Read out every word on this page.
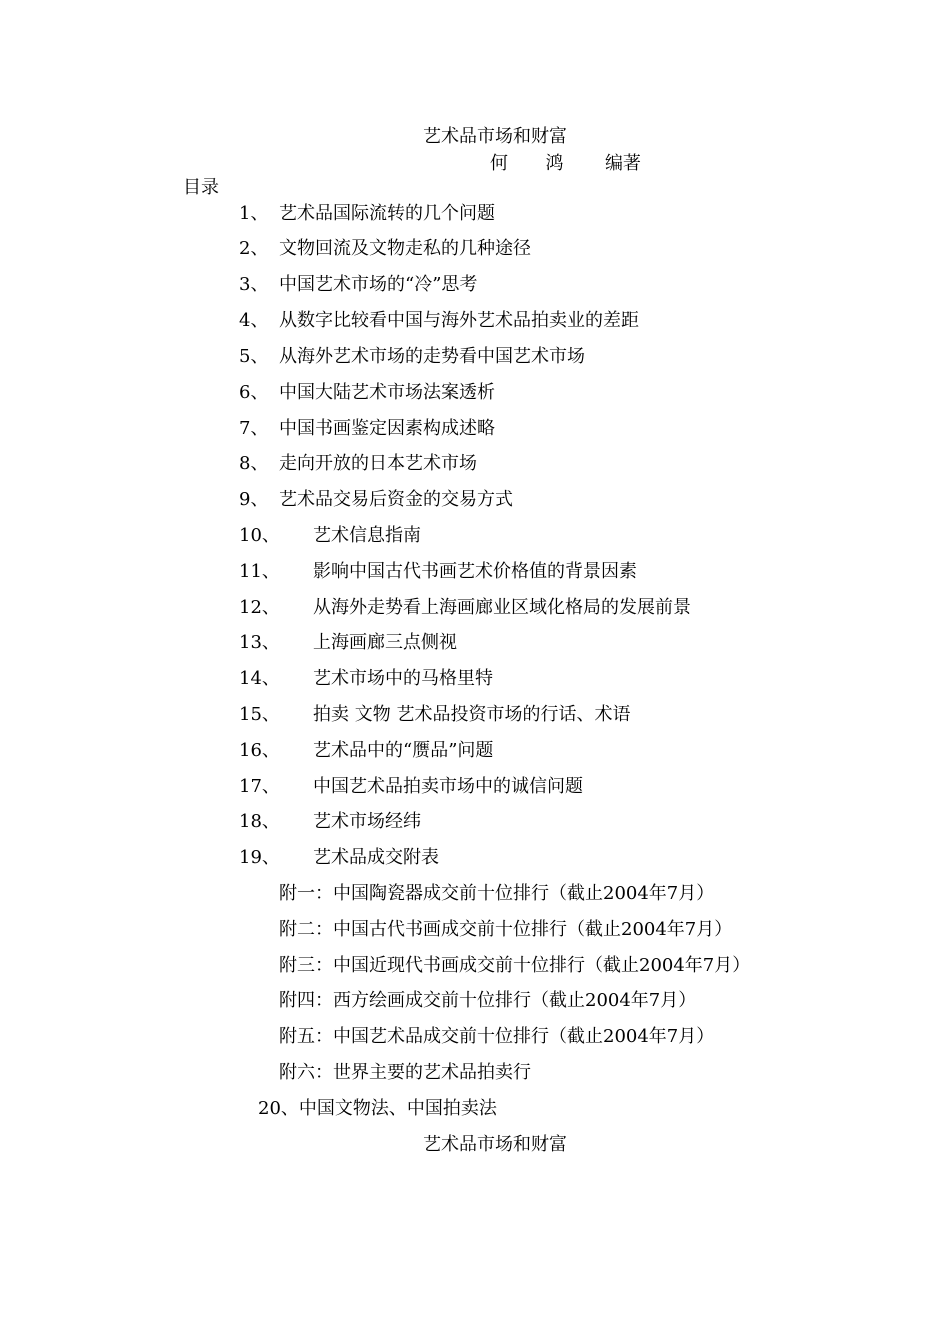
艺术品市场和财富
何 鸿 编著
目录
1、 艺术品国际流转的几个问题
2、 文物回流及文物走私的几种途径
3、 中国艺术市场的“冷”思考
4、 从数字比较看中国与海外艺术品拍卖业的差距
5、 从海外艺术市场的走势看中国艺术市场
6、 中国大陆艺术市场法案透析
7、 中国书画鉴定因素构成述略
8、 走向开放的日本艺术市场
9、 艺术品交易后资金的交易方式
10、 艺术信息指南
11、 影响中国古代书画艺术价格值的背景因素
12、 从海外走势看上海画廊业区域化格局的发展前景
13、 上海画廊三点侧视
14、 艺术市场中的马格里特
15、 拍卖 文物 艺术品投资市场的行话、术语
16、 艺术品中的“赝品”问题
17、 中国艺术品拍卖市场中的诚信问题
18、 艺术市场经纬
19、 艺术品成交附表
附一：中国陶瓷器成交前十位排行（截止2004年7月）
附二：中国古代书画成交前十位排行（截止2004年7月）
附三：中国近现代书画成交前十位排行（截止2004年7月）
附四：西方绘画成交前十位排行（截止2004年7月）
附五：中国艺术品成交前十位排行（截止2004年7月）
附六：世界主要的艺术品拍卖行
20、中国文物法、中国拍卖法
艺术品市场和财富
